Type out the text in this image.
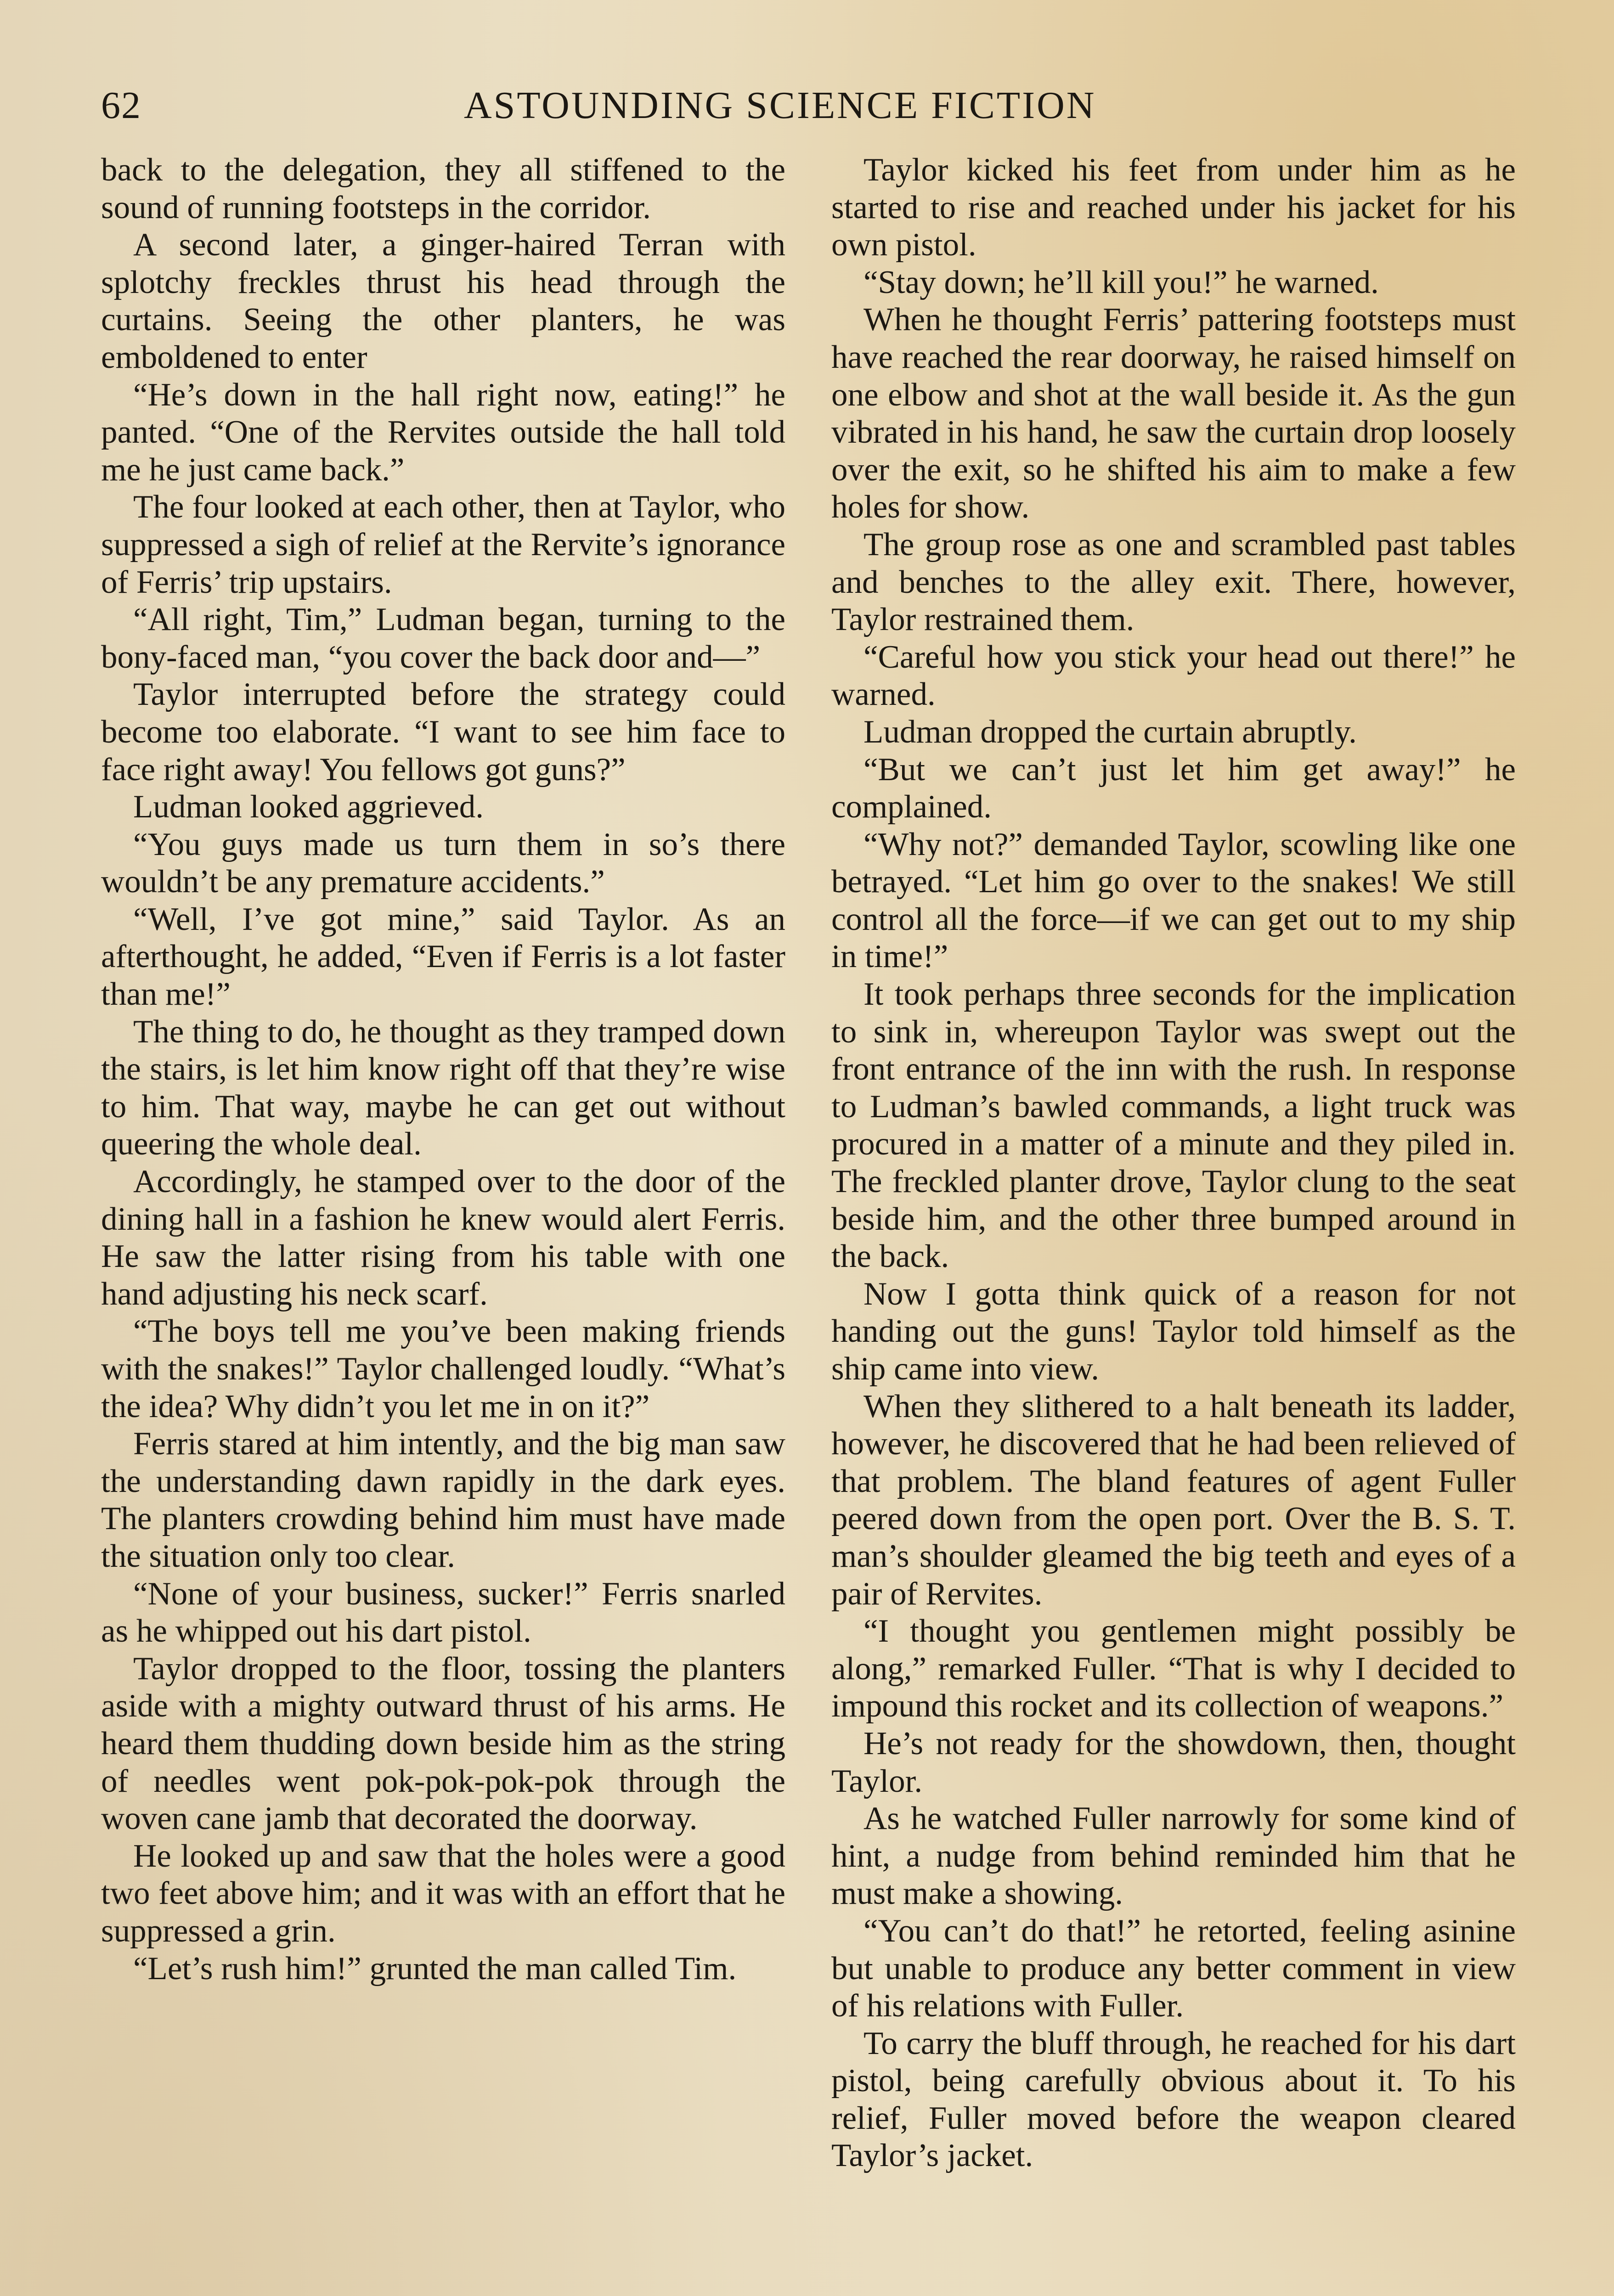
62	ASTOUNDING SCIENCE FICTION

back to the delegation, they all stiffened to the sound of running footsteps in the corridor.

A second later, a ginger-haired Terran with splotchy freckles thrust his head through the curtains. Seeing the other planters, he was emboldened to enter

“He’s down in the hall right now, eating!” he panted. “One of the Rervites outside the hall told me he just came back.”

The four looked at each other, then at Taylor, who suppressed a sigh of relief at the Rervite’s ignorance of Ferris’ trip upstairs.

“All right, Tim,” Ludman began, turning to the bony-faced man, “you cover the back door and—”

Taylor interrupted before the strategy could become too elaborate. “I want to see him face to face right away! You fellows got guns?”

Ludman looked aggrieved.

“You guys made us turn them in so’s there wouldn’t be any premature accidents.”

“Well, I’ve got mine,” said Taylor. As an afterthought, he added, “Even if Ferris is a lot faster than me!”

The thing to do, he thought as they tramped down the stairs, is let him know right off that they’re wise to him. That way, maybe he can get out without queering the whole deal.

Accordingly, he stamped over to the door of the dining hall in a fashion he knew would alert Ferris. He saw the latter rising from his table with one hand adjusting his neck scarf.

“The boys tell me you’ve been making friends with the snakes!” Taylor challenged loudly. “What’s the idea? Why didn’t you let me in on it?”

Ferris stared at him intently, and the big man saw the understanding dawn rapidly in the dark eyes. The planters crowding behind him must have made the situation only too clear.

“None of your business, sucker!” Ferris snarled as he whipped out his dart pistol.

Taylor dropped to the floor, tossing the planters aside with a mighty outward thrust of his arms. He heard them thudding down beside him as the string of needles went pok-pok-pok-pok through the woven cane jamb that decorated the doorway.

He looked up and saw that the holes were a good two feet above him; and it was with an effort that he suppressed a grin.

“Let’s rush him!” grunted the man called Tim.

Taylor kicked his feet from under him as he started to rise and reached under his jacket for his own pistol.

“Stay down; he’ll kill you!” he warned.

When he thought Ferris’ pattering footsteps must have reached the rear doorway, he raised himself on one elbow and shot at the wall beside it. As the gun vibrated in his hand, he saw the curtain drop loosely over the exit, so he shifted his aim to make a few holes for show.

The group rose as one and scrambled past tables and benches to the alley exit. There, however, Taylor restrained them.

“Careful how you stick your head out there!” he warned.

Ludman dropped the curtain abruptly.

“But we can’t just let him get away!” he complained.

“Why not?” demanded Taylor, scowling like one betrayed. “Let him go over to the snakes! We still control all the force—if we can get out to my ship in time!”

It took perhaps three seconds for the implication to sink in, whereupon Taylor was swept out the front entrance of the inn with the rush. In response to Ludman’s bawled commands, a light truck was procured in a matter of a minute and they piled in. The freckled planter drove, Taylor clung to the seat beside him, and the other three bumped around in the back.

Now I gotta think quick of a reason for not handing out the guns! Taylor told himself as the ship came into view.

When they slithered to a halt beneath its ladder, however, he discovered that he had been relieved of that problem. The bland features of agent Fuller peered down from the open port. Over the B. S. T. man’s shoulder gleamed the big teeth and eyes of a pair of Rervites.

“I thought you gentlemen might possibly be along,” remarked Fuller. “That is why I decided to impound this rocket and its collection of weapons.”

He’s not ready for the showdown, then, thought Taylor.

As he watched Fuller narrowly for some kind of hint, a nudge from behind reminded him that he must make a showing.

“You can’t do that!” he retorted, feeling asinine but unable to produce any better comment in view of his relations with Fuller.

To carry the bluff through, he reached for his dart pistol, being carefully obvious about it. To his relief, Fuller moved before the weapon cleared Taylor’s jacket.
